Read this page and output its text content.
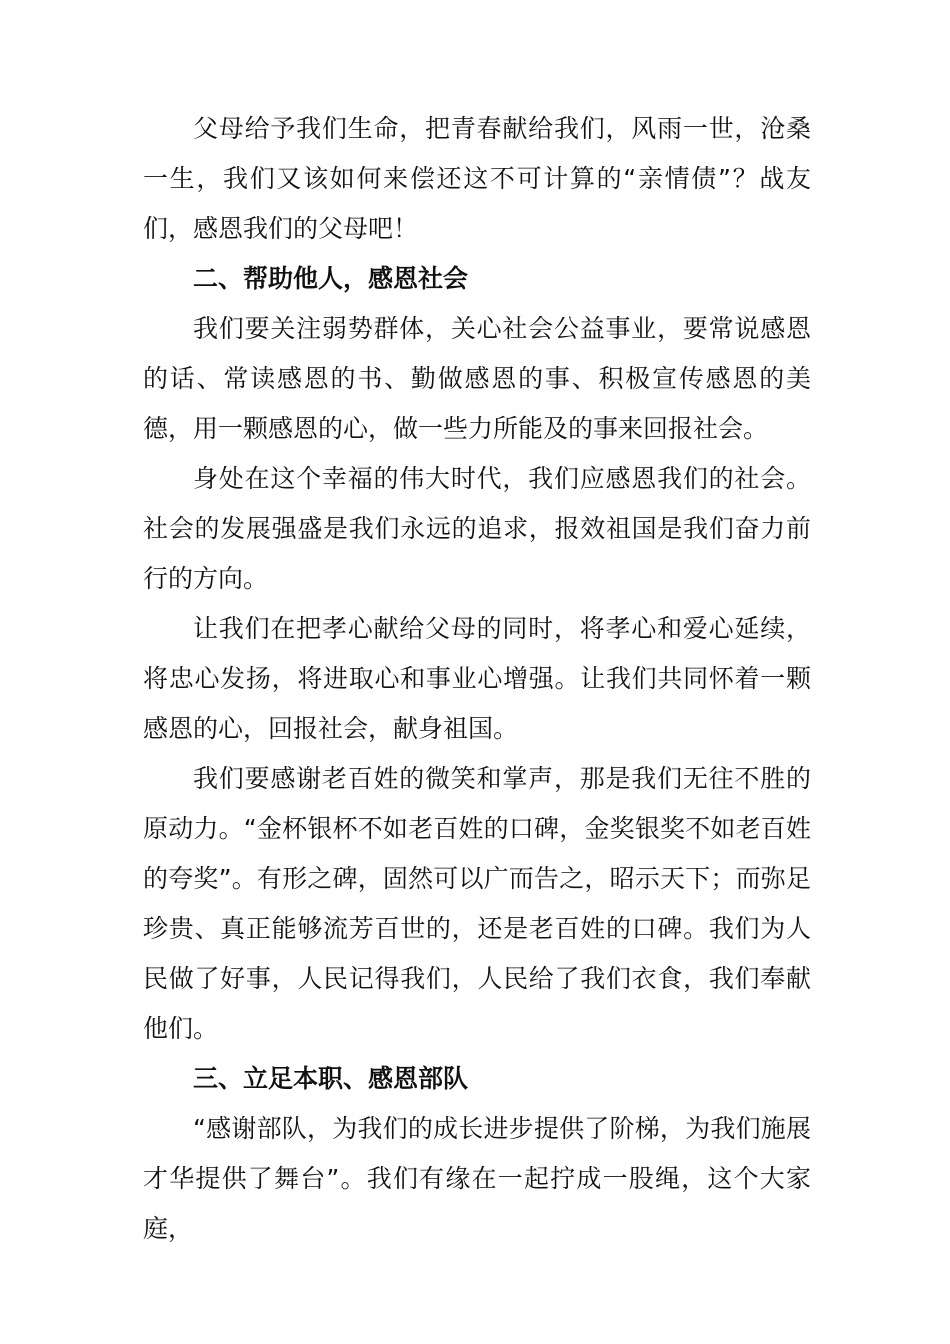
父母给予我们生命，把青春献给我们，风雨一世，沧桑一生，我们又该如何来偿还这不可计算的“亲情债”？战友们，感恩我们的父母吧！

二、帮助他人，感恩社会

我们要关注弱势群体，关心社会公益事业，要常说感恩的话、常读感恩的书、勤做感恩的事、积极宣传感恩的美德，用一颗感恩的心，做一些力所能及的事来回报社会。

身处在这个幸福的伟大时代，我们应感恩我们的社会。社会的发展强盛是我们永远的追求，报效祖国是我们奋力前行的方向。

让我们在把孝心献给父母的同时，将孝心和爱心延续，将忠心发扬，将进取心和事业心增强。让我们共同怀着一颗感恩的心，回报社会，献身祖国。

我们要感谢老百姓的微笑和掌声，那是我们无往不胜的原动力。“金杯银杯不如老百姓的口碑，金奖银奖不如老百姓的夸奖”。有形之碑，固然可以广而告之，昭示天下；而弥足珍贵、真正能够流芳百世的，还是老百姓的口碑。我们为人民做了好事，人民记得我们，人民给了我们衣食，我们奉献他们。

三、立足本职、感恩部队

“感谢部队，为我们的成长进步提供了阶梯，为我们施展才华提供了舞台”。我们有缘在一起拧成一股绳，这个大家庭，
